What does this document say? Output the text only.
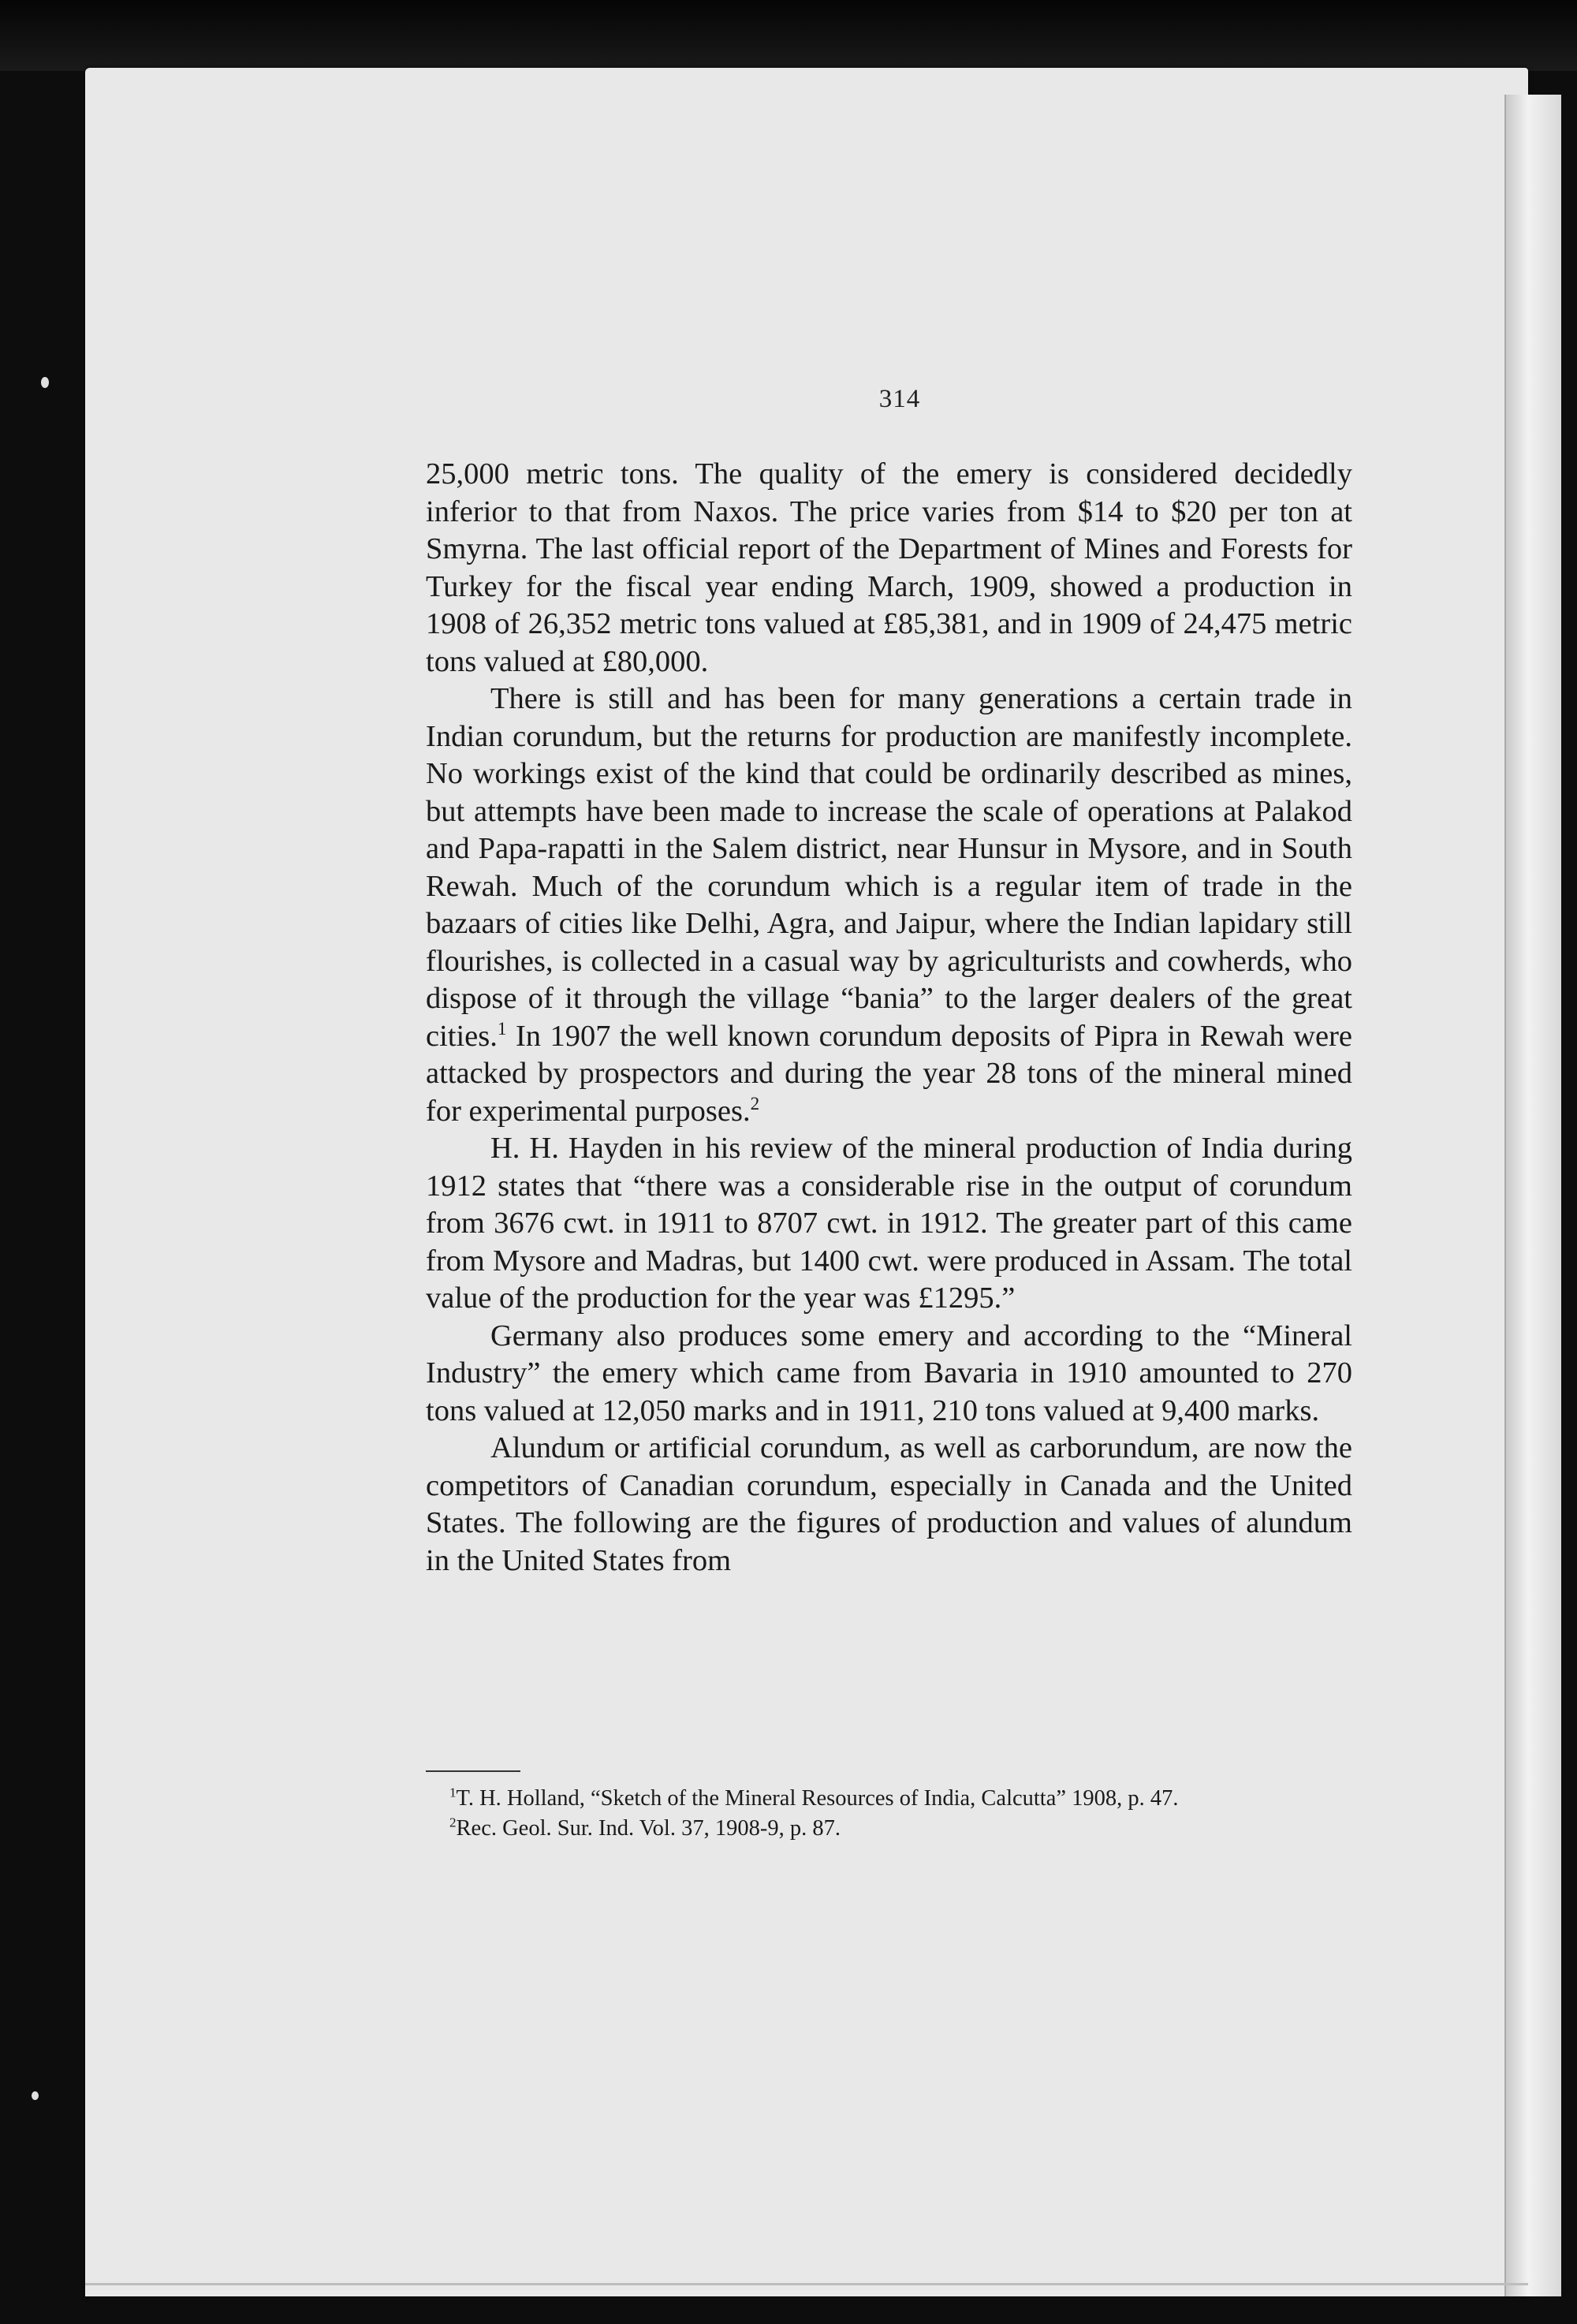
314

25,000 metric tons. The quality of the emery is considered decidedly inferior to that from Naxos. The price varies from $14 to $20 per ton at Smyrna. The last official report of the Department of Mines and Forests for Turkey for the fiscal year ending March, 1909, showed a production in 1908 of 26,352 metric tons valued at £85,381, and in 1909 of 24,475 metric tons valued at £80,000.

There is still and has been for many generations a certain trade in Indian corundum, but the returns for production are manifestly incomplete. No workings exist of the kind that could be ordinarily described as mines, but attempts have been made to increase the scale of operations at Palakod and Papa-rapatti in the Salem district, near Hunsur in Mysore, and in South Rewah. Much of the corundum which is a regular item of trade in the bazaars of cities like Delhi, Agra, and Jaipur, where the Indian lapidary still flourishes, is collected in a casual way by agriculturists and cowherds, who dispose of it through the village “bania” to the larger dealers of the great cities.$^1$ In 1907 the well known corundum deposits of Pipra in Rewah were attacked by prospectors and during the year 28 tons of the mineral mined for experimental purposes.$^2$

H. H. Hayden in his review of the mineral production of India during 1912 states that “there was a considerable rise in the output of corundum from 3676 cwt. in 1911 to 8707 cwt. in 1912. The greater part of this came from Mysore and Madras, but 1400 cwt. were produced in Assam. The total value of the production for the year was £1295.”

Germany also produces some emery and according to the “Mineral Industry” the emery which came from Bavaria in 1910 amounted to 270 tons valued at 12,050 marks and in 1911, 210 tons valued at 9,400 marks.

Alundum or artificial corundum, as well as carborundum, are now the competitors of Canadian corundum, especially in Canada and the United States. The following are the figures of production and values of alundum in the United States from

$^1$T. H. Holland, “Sketch of the Mineral Resources of India, Calcutta” 1908, p. 47.

$^2$Rec. Geol. Sur. Ind. Vol. 37, 1908-9, p. 87.
